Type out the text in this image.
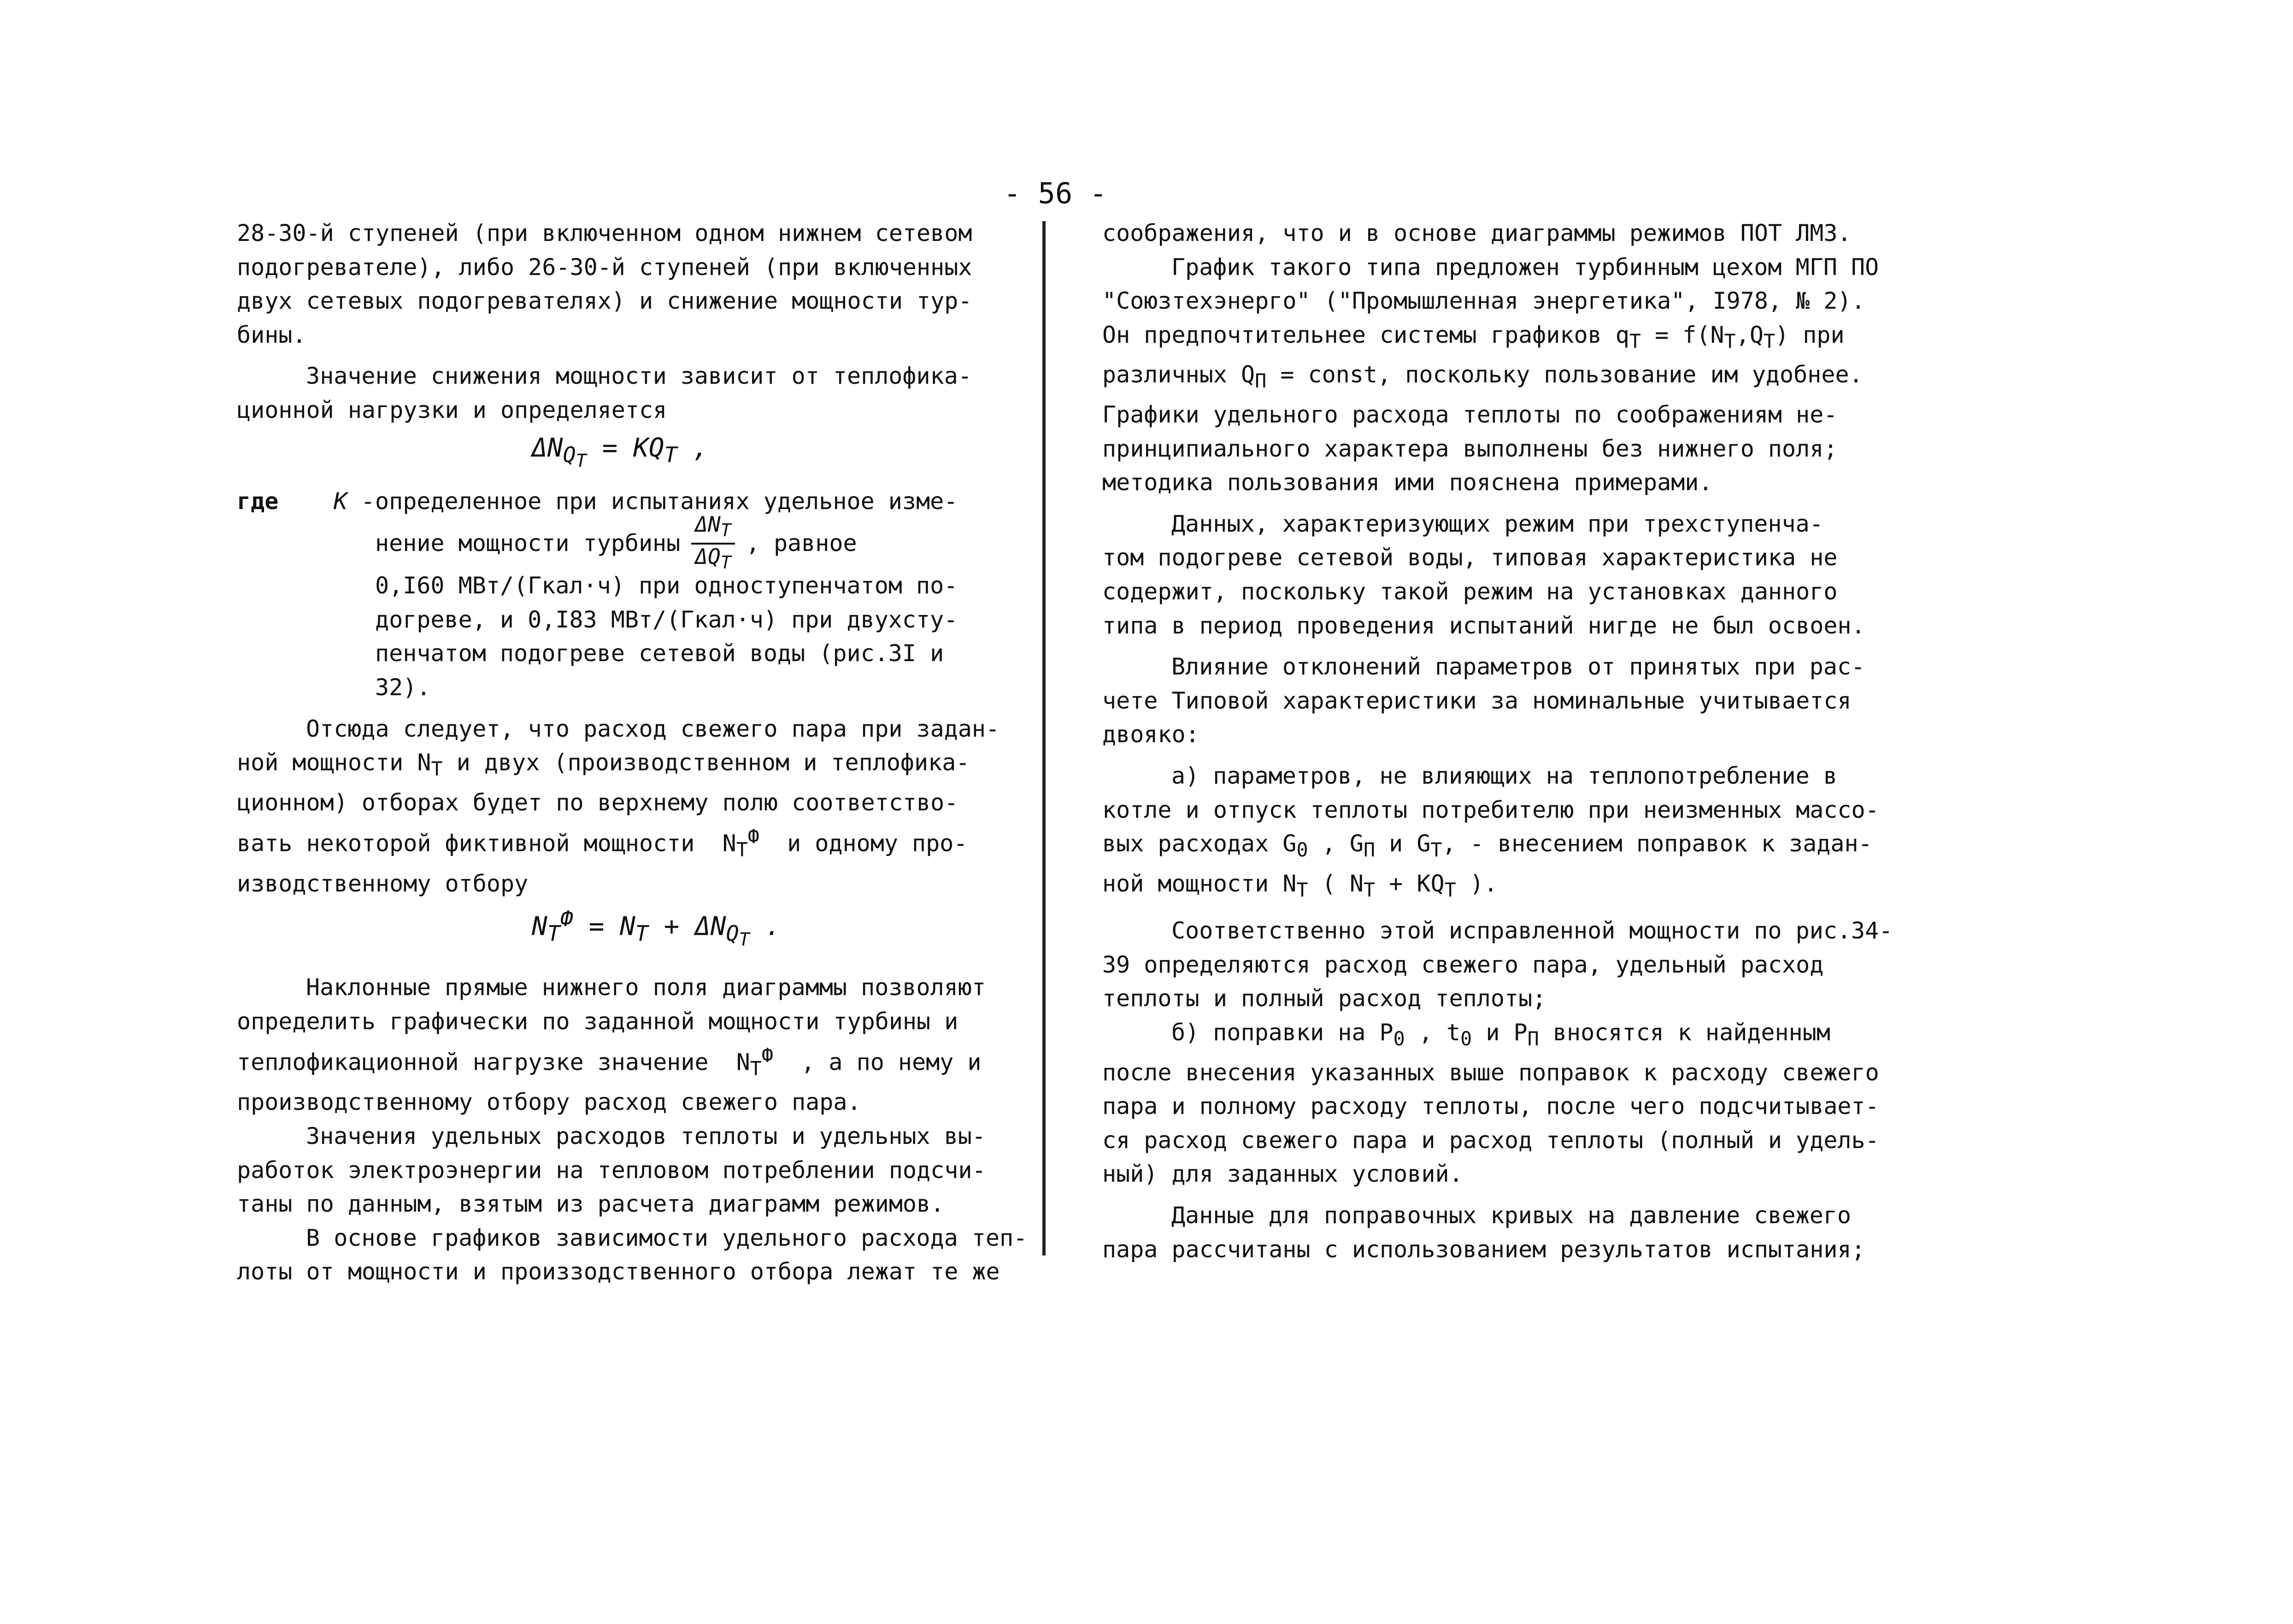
- 56 -

28-30-й ступеней (при включенном одном нижнем сетевом

подогревателе), либо 26-30-й ступеней (при включенных

двух сетевых подогревателях) и снижение мощности тур-

бины.

Значение снижения мощности зависит от теплофика-

ционной нагрузки и определяется

$\Delta N_{Q_T} = KQ_T$ ,

где K - определенное при испытаниях удельное изме-

нение мощности турбины $\frac{\Delta N_T}{\Delta Q_T}$ , равное

0,I60 МВт/(Гкал·ч) при одноступенчатом по-

догреве, и 0,I83 МВт/(Гкал·ч) при двухсту-

пенчатом подогреве сетевой воды (рис.3I и

32).

Отсюда следует, что расход свежего пара при задан-

ной мощности $N_T$ и двух (производственном и теплофика-

ционном) отборах будет по верхнему полю соответство-

вать некоторой фиктивной мощности  $N_T^Ф$  и одному про-

изводственному отбору

$N_T^Ф = N_T + \Delta N_{Q_T}$ .

Наклонные прямые нижнего поля диаграммы позволяют

определить графически по заданной мощности турбины и

теплофикационной нагрузке значение  $N_T^Ф$  , а по нему и

производственному отбору расход свежего пара.

Значения удельных расходов теплоты и удельных вы-

работок электроэнергии на тепловом потреблении подсчи-

таны по данным, взятым из расчета диаграмм режимов.

В основе графиков зависимости удельного расхода теп-

лоты от мощности и произзодственного отбора лежат те же

соображения, что и в основе диаграммы режимов ПОТ ЛМЗ.

График такого типа предложен турбинным цехом МГП ПО

"Союзтехэнерго" ("Промышленная энергетика", I978, № 2).

Он предпочтительнее системы графиков $q_T = f(N_T,Q_T)$ при

различных $Q_П$ = const, поскольку пользование им удобнее.

Графики удельного расхода теплоты по соображениям не-

принципиального характера выполнены без нижнего поля;

методика пользования ими пояснена примерами.

Данных, характеризующих режим при трехступенча-

том подогреве сетевой воды, типовая характеристика не

содержит, поскольку такой режим на установках данного

типа в период проведения испытаний нигде не был освоен.

Влияние отклонений параметров от принятых при рас-

чете Типовой характеристики за номинальные учитывается

двояко:

а) параметров, не влияющих на теплопотребление в

котле и отпуск теплоты потребителю при неизменных массо-

вых расходах $G_0$ , $G_П$ и $G_T$, - внесением поправок к задан-

ной мощности $N_T$ ( $N_T + KQ_T$ ).

Соответственно этой исправленной мощности по рис.34-

39 определяются расход свежего пара, удельный расход

теплоты и полный расход теплоты;

б) поправки на $P_0$ , $t_0$ и $P_П$ вносятся к найденным

после внесения указанных выше поправок к расходу свежего

пара и полному расходу теплоты, после чего подсчитывает-

ся расход свежего пара и расход теплоты (полный и удель-

ный) для заданных условий.

Данные для поправочных кривых на давление свежего

пара рассчитаны с использованием результатов испытания;
